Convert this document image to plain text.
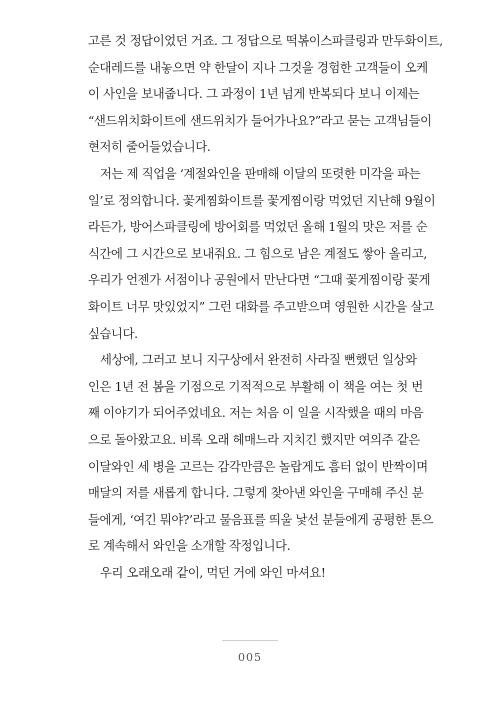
고른 것 정답이었던 거죠. 그 정답으로 떡볶이스파클링과 만두화이트,
순대레드를 내놓으면 약 한달이 지나 그것을 경험한 고객들이 오케
이 사인을 보내줍니다. 그 과정이 1년 넘게 반복되다 보니 이제는
“샌드위치화이트에 샌드위치가 들어가나요?”라고 묻는 고객님들이
현저히 줄어들었습니다.

저는 제 직업을 ‘계절와인을 판매해 이달의 또렷한 미각을 파는
일’로 정의합니다. 꽃게찜화이트를 꽃게찜이랑 먹었던 지난해 9월이
라든가, 방어스파클링에 방어회를 먹었던 올해 1월의 맛은 저를 순
식간에 그 시간으로 보내줘요. 그 힘으로 남은 계절도 쌓아 올리고,
우리가 언젠가 서점이나 공원에서 만난다면 “그때 꽃게찜이랑 꽃게
화이트 너무 맛있었지” 그런 대화를 주고받으며 영원한 시간을 살고
싶습니다.

세상에, 그러고 보니 지구상에서 완전히 사라질 뻔했던 일상와
인은 1년 전 봄을 기점으로 기적적으로 부활해 이 책을 여는 첫 번
째 이야기가 되어주었네요. 저는 처음 이 일을 시작했을 때의 마음
으로 돌아왔고요. 비록 오래 헤매느라 지치긴 했지만 여의주 같은
이달와인 세 병을 고르는 감각만큼은 놀랍게도 흠터 없이 반짝이며
매달의 저를 새롭게 합니다. 그렇게 찾아낸 와인을 구매해 주신 분
들에게, ‘여긴 뭐야?’라고 물음표를 띄울 낯선 분들에게 공평한 톤으
로 계속해서 와인을 소개할 작정입니다.

우리 오래오래 같이, 먹던 거에 와인 마셔요!

005
